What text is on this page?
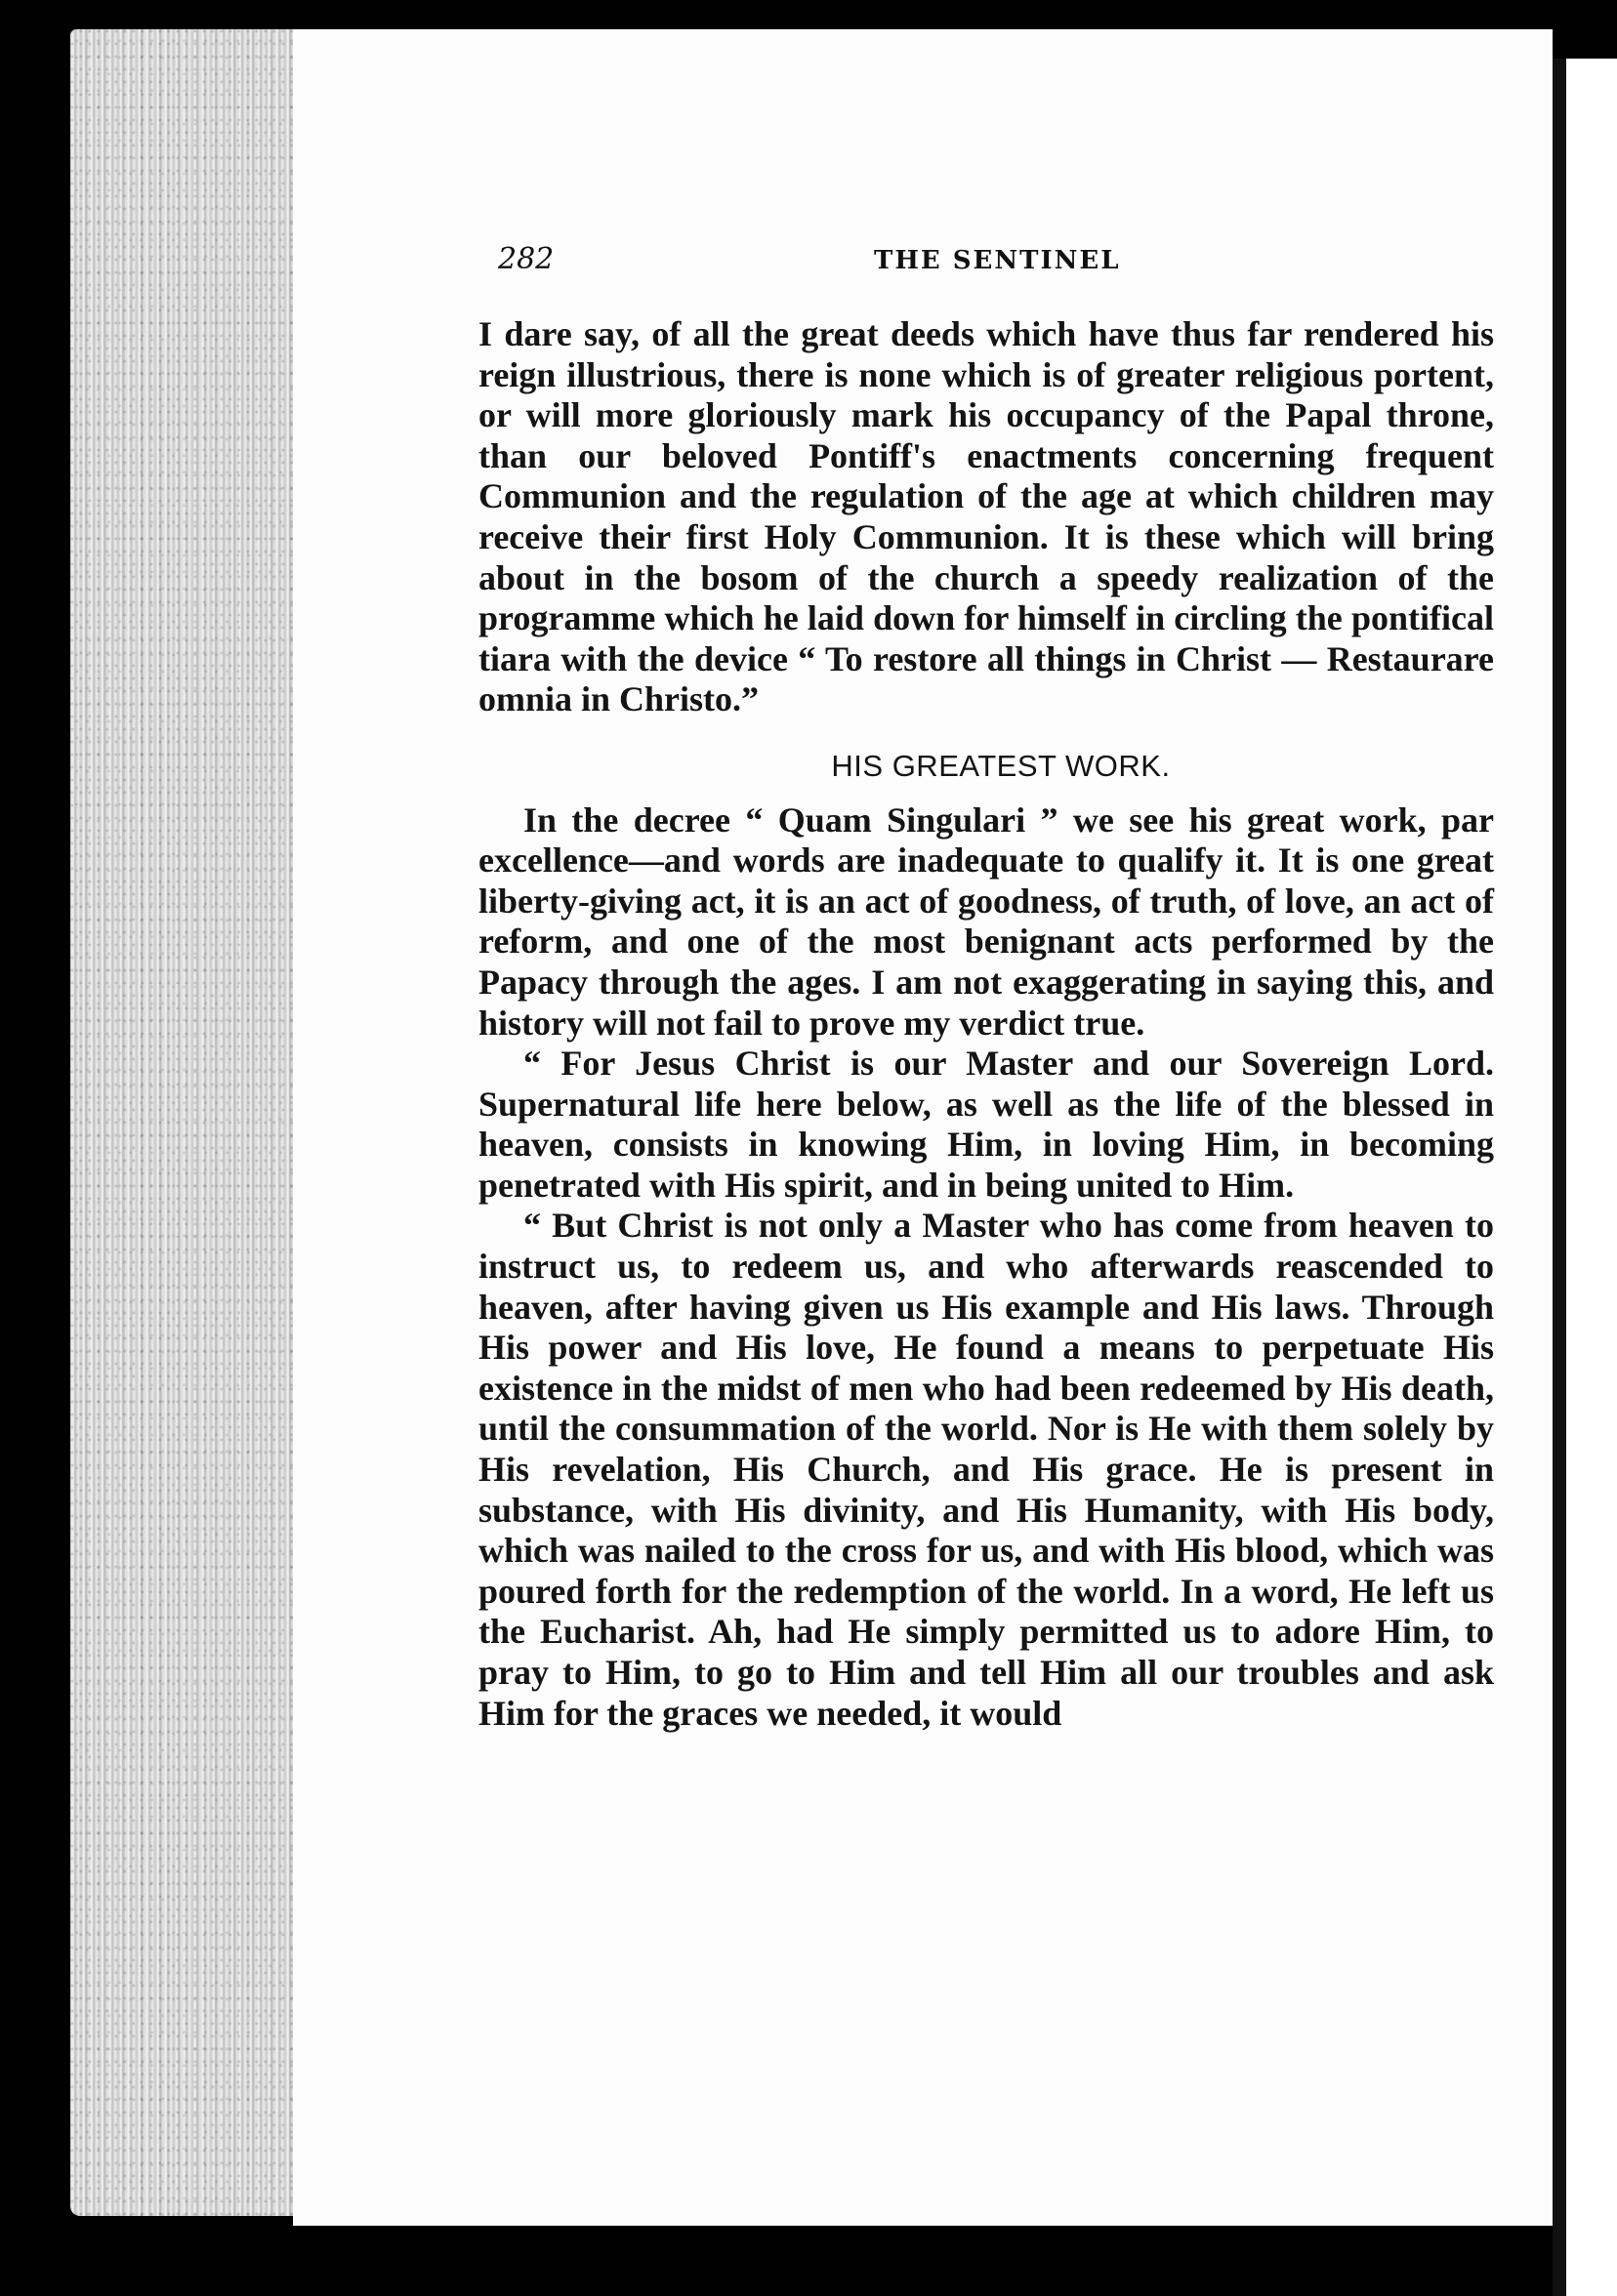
282	THE SENTINEL

I dare say, of all the great deeds which have thus far rendered his reign illustrious, there is none which is of greater religious portent, or will more gloriously mark his occupancy of the Papal throne, than our beloved Pontiff's enactments concerning frequent Communion and the regulation of the age at which children may receive their first Holy Communion. It is these which will bring about in the bosom of the church a speedy realization of the programme which he laid down for himself in circling the pontifical tiara with the device “ To restore all things in Christ — Restaurare omnia in Christo.”

HIS GREATEST WORK.

In the decree “ Quam Singulari ” we see his great work, par excellence—and words are inadequate to qualify it. It is one great liberty-giving act, it is an act of goodness, of truth, of love, an act of reform, and one of the most benignant acts performed by the Papacy through the ages. I am not exaggerating in saying this, and history will not fail to prove my verdict true.

“ For Jesus Christ is our Master and our Sovereign Lord. Supernatural life here below, as well as the life of the blessed in heaven, consists in knowing Him, in loving Him, in becoming penetrated with His spirit, and in being united to Him.

“ But Christ is not only a Master who has come from heaven to instruct us, to redeem us, and who afterwards reascended to heaven, after having given us His example and His laws. Through His power and His love, He found a means to perpetuate His existence in the midst of men who had been redeemed by His death, until the consummation of the world. Nor is He with them solely by His revelation, His Church, and His grace. He is present in substance, with His divinity, and His Humanity, with His body, which was nailed to the cross for us, and with His blood, which was poured forth for the redemption of the world. In a word, He left us the Eucharist. Ah, had He simply permitted us to adore Him, to pray to Him, to go to Him and tell Him all our troubles and ask Him for the graces we needed, it would
